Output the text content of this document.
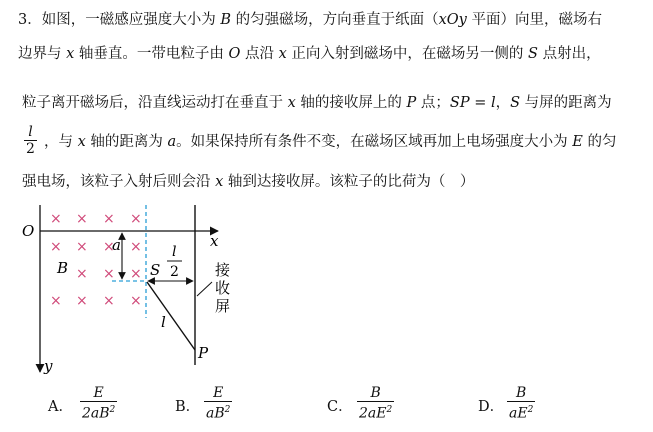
3．如图，一磁感应强度大小为 B 的匀强磁场，方向垂直于纸面（xOy 平面）向里，磁场右
边界与 x 轴垂直。一带电粒子由 O 点沿 x 正向入射到磁场中，在磁场另一侧的 S 点射出，
粒子离开磁场后，沿直线运动打在垂直于 x 轴的接收屏上的 P 点；SP = l，S 与屏的距离为
$\frac{l}{2}$ ，与 x 轴的距离为 a。如果保持所有条件不变，在磁场区域再加上电场强度大小为 E 的匀
强电场，该粒子入射后则会沿 x 轴到达接收屏。该粒子的比荷为（　）
× × × ×
× × × ×
× × ×
× × × ×
O
x
y
B
a
S
l
P
l
2 接
收
屏
A． $\frac{E}{2aB^2}$	B． $\frac{E}{aB^2}$	C． $\frac{B}{2aE^2}$	D． $\frac{B}{aE^2}$
